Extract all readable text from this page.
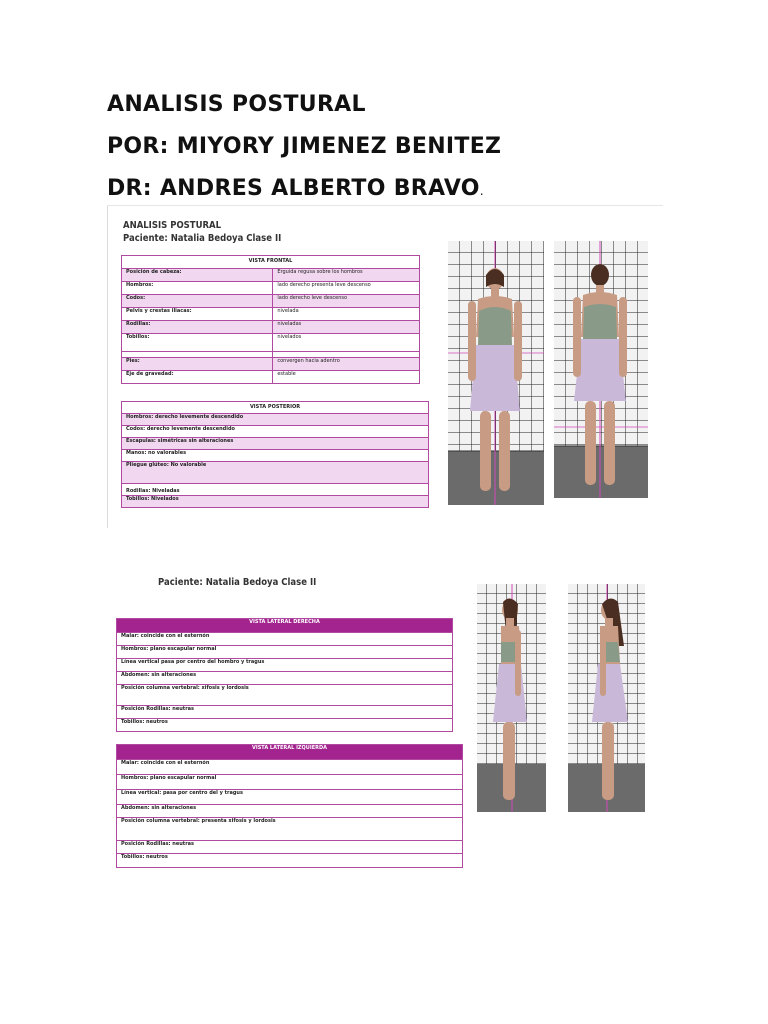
ANALISIS POSTURAL
POR: MIYORY JIMENEZ BENITEZ
DR: ANDRES ALBERTO BRAVO.
ANALISIS POSTURAL
Paciente: Natalia Bedoya Clase II
VISTA FRONTAL	
Posición de cabeza:	Erguida regusa sobre los hombros
Hombros:	lado derecho presenta leve descenso
Codos:	lado derecho leve descenso
Pelvis y crestas iliacas:	nivelada
Rodillas:	niveladas
Tobillos:	nivelados

Pies:	convergen hacia adentro
Eje de gravedad:	estable
VISTA POSTERIOR
Hombros: derecho levemente descendido
Codos: derecho levemente descendido
Escapulas: simétricas sin alteraciones
Manos: no valorables
Pliegue glúteo: No valorable
Rodillas: Niveladas
Tobillos: Nivelados
Paciente: Natalia Bedoya Clase II
VISTA LATERAL DERECHA
Malar: coincide con el esternón
Hombros: plano escapular normal
Línea vertical pasa por centro del hombro y tragus
Abdomen: sin alteraciones
Posición columna vertebral: xifosis y lordosis
Posición Rodillas: neutras
Tobillos: neutros
VISTA LATERAL IZQUIERDA
Malar: coincide con el esternón
Hombros: plano escapular normal
Línea vertical: pasa por centro del y tragus
Abdomen: sin alteraciones
Posición columna vertebral: presenta xifosis y lordosis
Posición Rodillas: neutras
Tobillos: neutros
